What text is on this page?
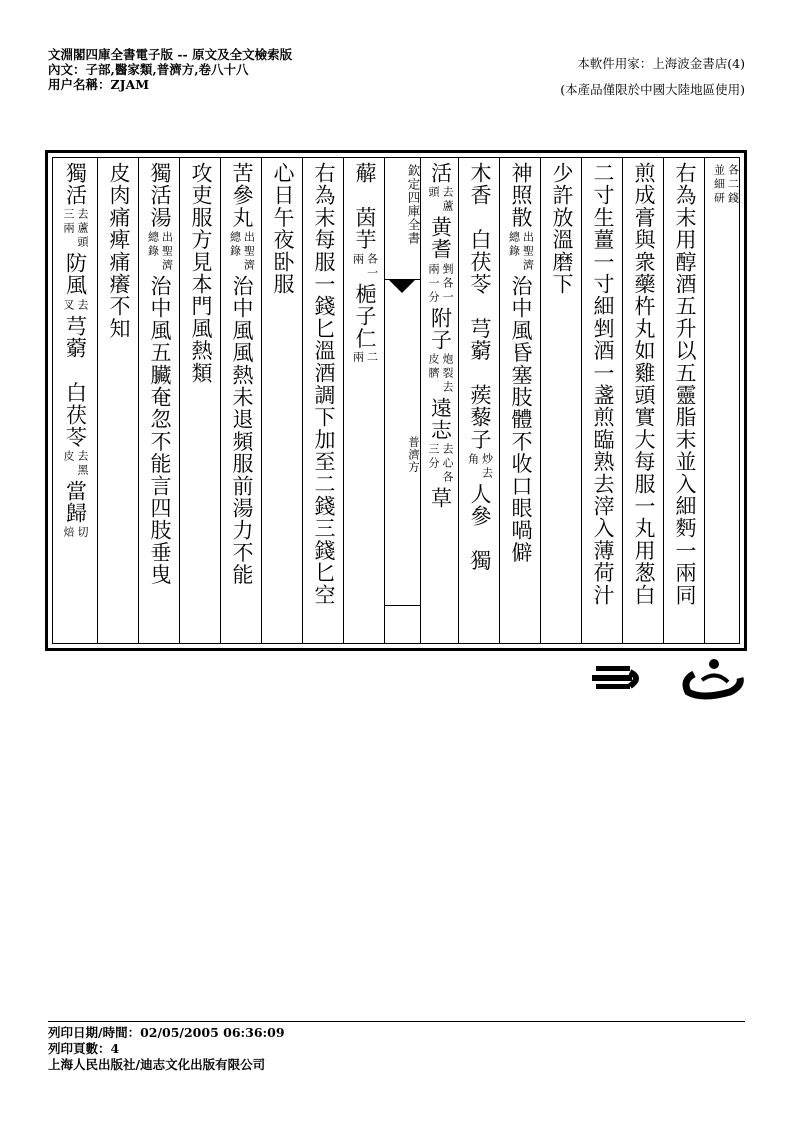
文淵閣四庫全書電子版 -- 原文及全文檢索版
內文：子部,醫家類,普濟方,卷八十八
用户名稱：ZJAM
本軟件用家：上海波金書店(4)
(本產品僅限於中國大陸地區使用)
欽定四庫全書
普濟方
各二錢
並細研
右為末用醇酒五升以五靈脂末並入細麪一兩同
煎成膏與衆藥杵丸如雞頭實大每服一丸用葱白
二寸生薑一寸細剉酒一盞煎臨熟去滓入薄荷汁
少許放溫磨下
神照散
出聖濟
總錄
治中風昏塞肢體不收口眼喎僻
木香　白茯苓　芎藭　蒺藜子
炒去
角
人參　獨
活
去蘆
頭
黄耆
剉各一
兩一分
附子
炮裂去
皮臍
遠志
去心各
三分
草
薢　茵芋
各一
兩
梔子仁
二
兩
右為末每服一錢匕溫酒調下加至二錢三錢匕空
心日午夜卧服
苦參丸
出聖濟
總錄
治中風風熱未退頻服前湯力不能
攻吏服方見本門風熱類
獨活湯
出聖濟
總錄
治中風五臟奄忽不能言四肢垂曳
皮肉痛痺痛癢不知
獨活
去蘆頭
三兩
防風
去
叉
芎藭　白茯苓
去黑
皮
當歸
切
焙
列印日期/時間：02/05/2005 06:36:09
列印頁數：4
上海人民出版社/迪志文化出版有限公司
